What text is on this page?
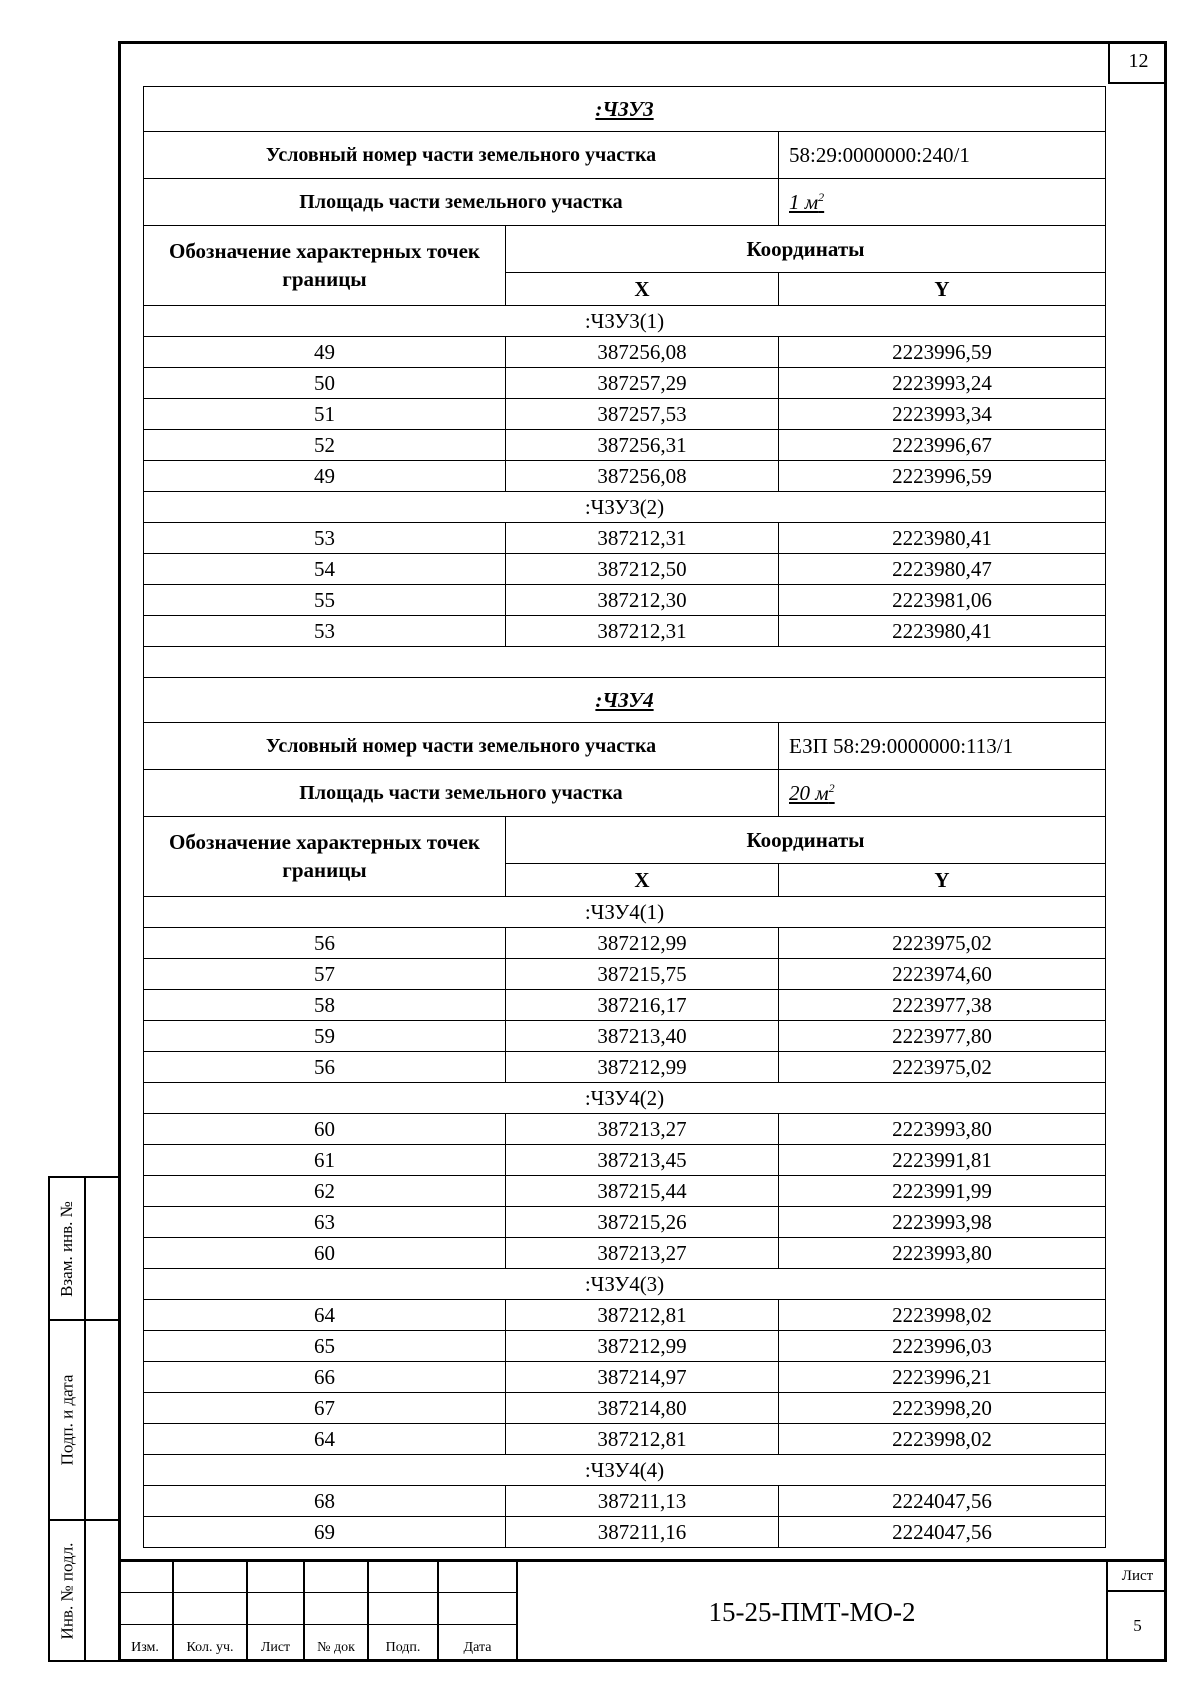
12
:ЧЗУ3		
Условный номер части земельного участка		58:29:0000000:240/1
Площадь части земельного участка		1 $м^2$
Обозначение характерных точек границы	Координаты	
	X	Y
:ЧЗУ3(1)		
49	387256,08	2223996,59
50	387257,29	2223993,24
51	387257,53	2223993,34
52	387256,31	2223996,67
49	387256,08	2223996,59
:ЧЗУ3(2)		
53	387212,31	2223980,41
54	387212,50	2223980,47
55	387212,30	2223981,06
53	387212,31	2223980,41

:ЧЗУ4		
Условный номер части земельного участка		ЕЗП 58:29:0000000:113/1
Площадь части земельного участка		20 $м^2$
Обозначение характерных точек границы	Координаты	
	X	Y
:ЧЗУ4(1)		
56	387212,99	2223975,02
57	387215,75	2223974,60
58	387216,17	2223977,38
59	387213,40	2223977,80
56	387212,99	2223975,02
:ЧЗУ4(2)		
60	387213,27	2223993,80
61	387213,45	2223991,81
62	387215,44	2223991,99
63	387215,26	2223993,98
60	387213,27	2223993,80
:ЧЗУ4(3)		
64	387212,81	2223998,02
65	387212,99	2223996,03
66	387214,97	2223996,21
67	387214,80	2223998,20
64	387212,81	2223998,02
:ЧЗУ4(4)		
68	387211,13	2224047,56
69	387211,16	2224047,56
Взам. инв. №
Подп. и дата
Инв. № подл.
Изм.	Кол. уч.	Лист	№ док	Подп.	Дата
15-25-ПМТ-МО-2
Лист
5
